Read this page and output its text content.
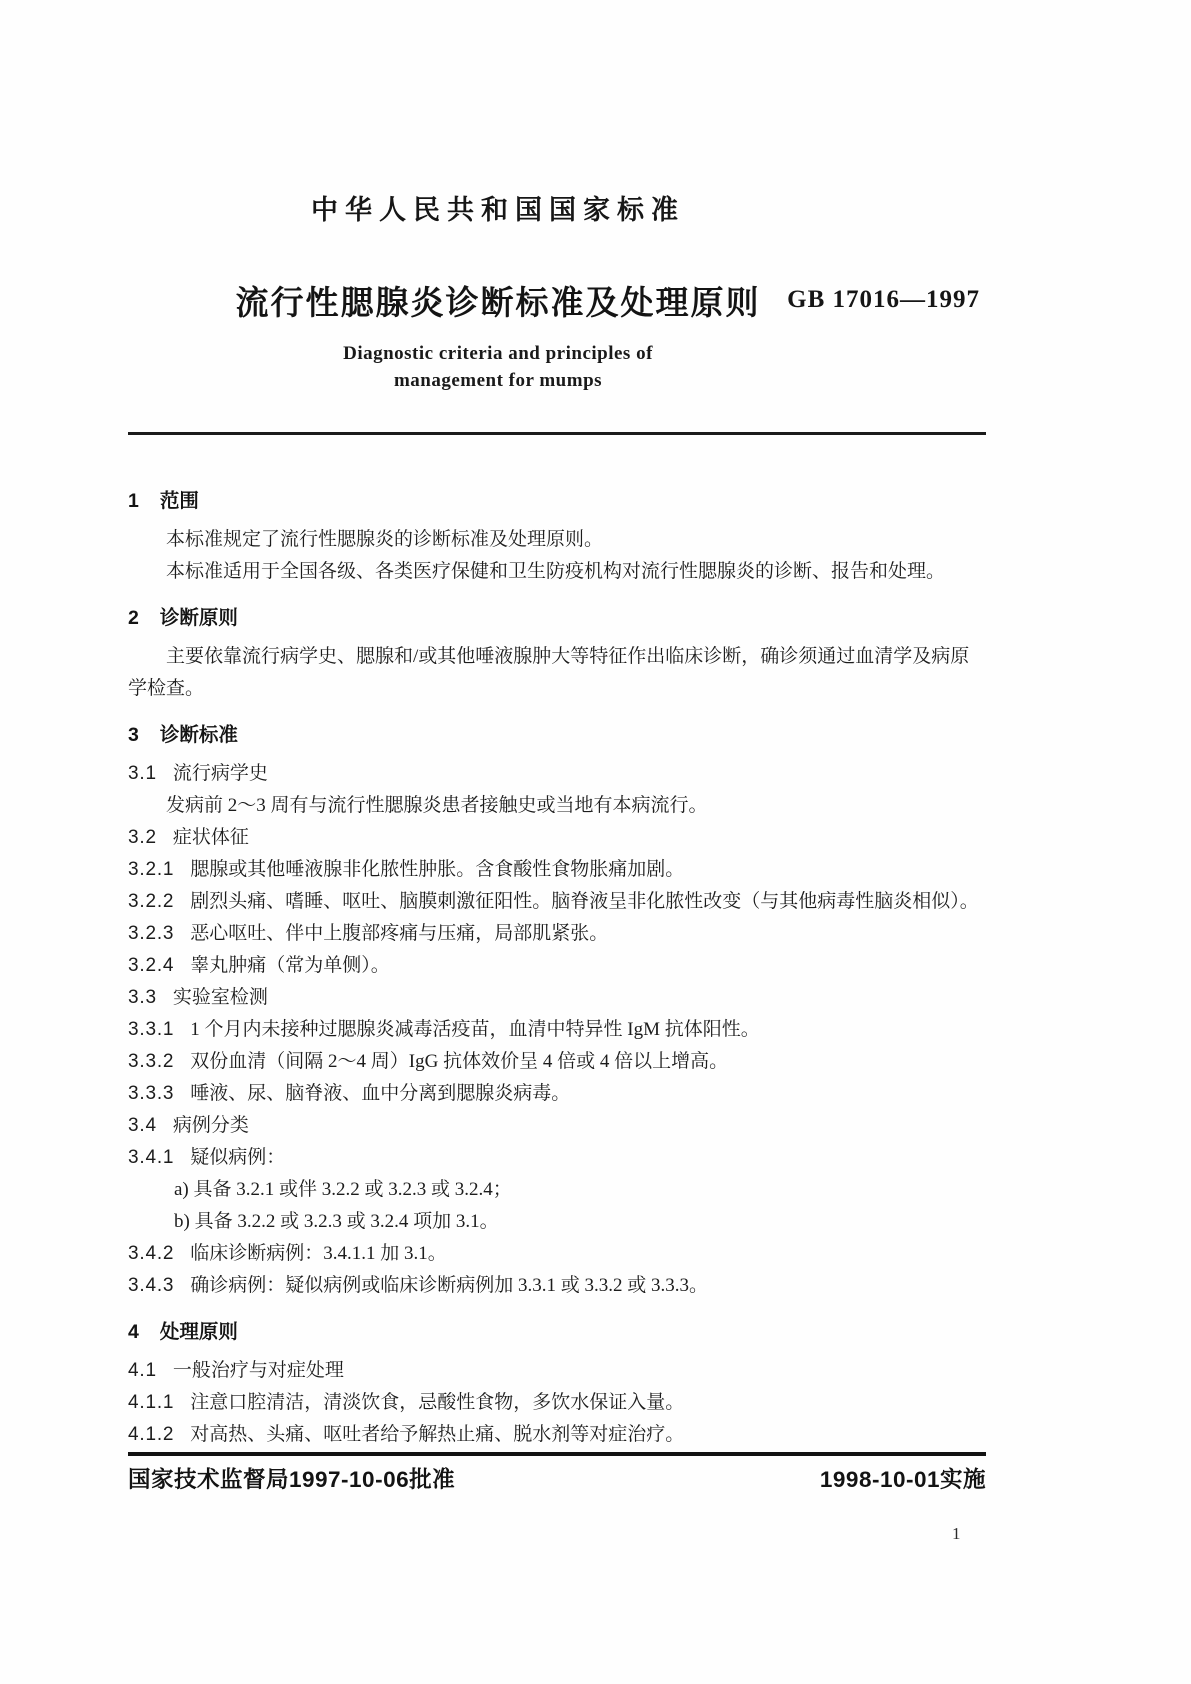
中华人民共和国国家标准
流行性腮腺炎诊断标准及处理原则	GB 17016—1997
Diagnostic criteria and principles of
management for mumps
1 范围

本标准规定了流行性腮腺炎的诊断标准及处理原则。

本标准适用于全国各级、各类医疗保健和卫生防疫机构对流行性腮腺炎的诊断、报告和处理。

2 诊断原则

主要依靠流行病学史、腮腺和/或其他唾液腺肿大等特征作出临床诊断，确诊须通过血清学及病原学检查。

3 诊断标准
3.1 流行病学史

发病前 2～3 周有与流行性腮腺炎患者接触史或当地有本病流行。

3.2 症状体征
3.2.1 腮腺或其他唾液腺非化脓性肿胀。含食酸性食物胀痛加剧。
3.2.2 剧烈头痛、嗜睡、呕吐、脑膜刺激征阳性。脑脊液呈非化脓性改变（与其他病毒性脑炎相似）。
3.2.3 恶心呕吐、伴中上腹部疼痛与压痛，局部肌紧张。
3.2.4 睾丸肿痛（常为单侧）。
3.3 实验室检测
3.3.1 1 个月内未接种过腮腺炎减毒活疫苗，血清中特异性 IgM 抗体阳性。
3.3.2 双份血清（间隔 2～4 周）IgG 抗体效价呈 4 倍或 4 倍以上增高。
3.3.3 唾液、尿、脑脊液、血中分离到腮腺炎病毒。
3.4 病例分类
3.4.1 疑似病例：

a) 具备 3.2.1 或伴 3.2.2 或 3.2.3 或 3.2.4；

b) 具备 3.2.2 或 3.2.3 或 3.2.4 项加 3.1。

3.4.2 临床诊断病例：3.4.1.1 加 3.1。
3.4.3 确诊病例：疑似病例或临床诊断病例加 3.3.1 或 3.3.2 或 3.3.3。
4 处理原则
4.1 一般治疗与对症处理
4.1.1 注意口腔清洁，清淡饮食，忌酸性食物，多饮水保证入量。
4.1.2 对高热、头痛、呕吐者给予解热止痛、脱水剂等对症治疗。
国家技术监督局1997-10-06批准	1998-10-01实施
1
